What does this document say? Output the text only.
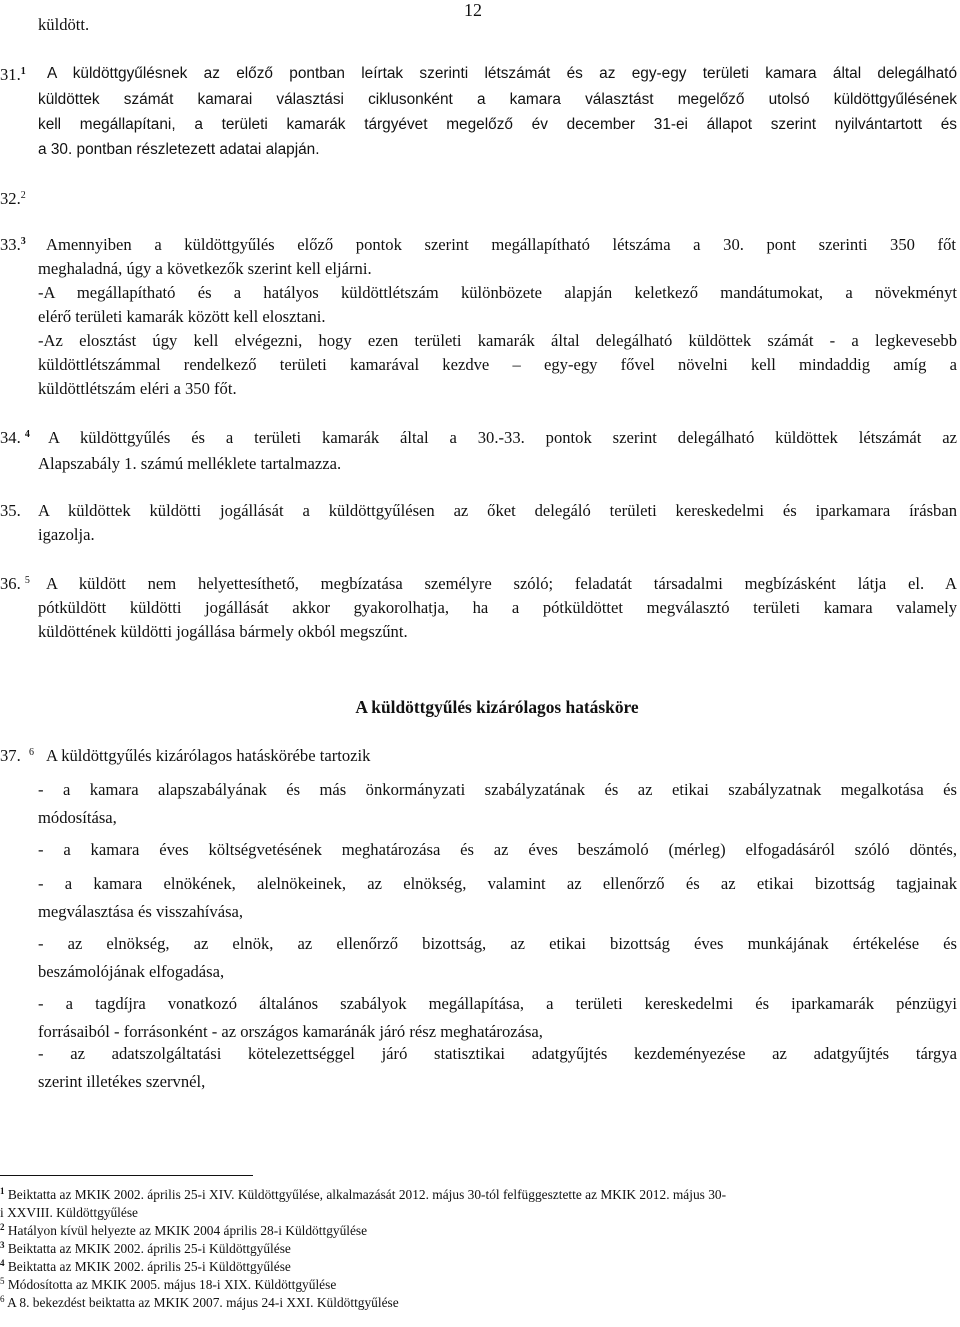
12
küldött.
31.$^1$ A küldöttgyűlésnek az előző pontban leírtak szerinti létszámát és az egy-egy területi kamara által delegálható
küldöttek számát kamarai választási ciklusonként a kamara választást megelőző utolsó küldöttgyűlésének
kell megállapítani, a területi kamarák tárgyévet megelőző év december 31-ei állapot szerint nyilvántartott és
a 30. pontban részletezett adatai alapján.
32.$^2$
33.$^3$ Amennyiben a küldöttgyűlés előző pontok szerint megállapítható létszáma a 30. pont szerinti 350 főt
meghaladná, úgy a következők szerint kell eljárni.
-A megállapítható és a hatályos küldöttlétszám különbözete alapján keletkező mandátumokat, a növekményt
elérő területi kamarák között kell elosztani.
-Az elosztást úgy kell elvégezni, hogy ezen területi kamarák által delegálható küldöttek számát - a legkevesebb
küldöttlétszámmal rendelkező területi kamarával kezdve – egy-egy fővel növelni kell mindaddig amíg a
küldöttlétszám eléri a 350 főt.
34. $^4$ A küldöttgyűlés és a területi kamarák által a 30.-33. pontok szerint delegálható küldöttek létszámát az
Alapszabály 1. számú melléklete tartalmazza.
35. A küldöttek küldötti jogállását a küldöttgyűlésen az őket delegáló területi kereskedelmi és iparkamara írásban
igazolja.
36. $^5$ A küldött nem helyettesíthető, megbízatása személyre szóló; feladatát társadalmi megbízásként látja el. A
pótküldött küldötti jogállását akkor gyakorolhatja, ha a pótküldöttet megválasztó területi kamara valamely
küldöttének küldötti jogállása bármely okból megszűnt.
A küldöttgyűlés kizárólagos hatásköre
37. $^6$ A küldöttgyűlés kizárólagos hatáskörébe tartozik
- a kamara alapszabályának és más önkormányzati szabályzatának és az etikai szabályzatnak megalkotása és
módosítása,
- a kamara éves költségvetésének meghatározása és az éves beszámoló (mérleg) elfogadásáról szóló döntés,
- a kamara elnökének, alelnökeinek, az elnökség, valamint az ellenőrző és az etikai bizottság tagjainak
megválasztása és visszahívása,
- az elnökség, az elnök, az ellenőrző bizottság, az etikai bizottság éves munkájának értékelése és
beszámolójának elfogadása,
- a tagdíjra vonatkozó általános szabályok megállapítása, a területi kereskedelmi és iparkamarák pénzügyi
forrásaiból - forrásonként - az országos kamaránák járó rész meghatározása,
- az adatszolgáltatási kötelezettséggel járó statisztikai adatgyűjtés kezdeményezése az adatgyűjtés tárgya
szerint illetékes szervnél,
$^1$ Beiktatta az MKIK 2002. április 25-i XIV. Küldöttgyűlése, alkalmazását 2012. május 30-tól felfüggesztette az MKIK 2012. május 30-
i XXVIII. Küldöttgyűlése
$^2$ Hatályon kívül helyezte az MKIK 2004 április 28-i Küldöttgyűlése
$^3$ Beiktatta az MKIK 2002. április 25-i Küldöttgyűlése
$^4$ Beiktatta az MKIK 2002. április 25-i Küldöttgyűlése
$^5$ Módosította az MKIK 2005. május 18-i XIX. Küldöttgyűlése
$^6$ A 8. bekezdést beiktatta az MKIK 2007. május 24-i XXI. Küldöttgyűlése
